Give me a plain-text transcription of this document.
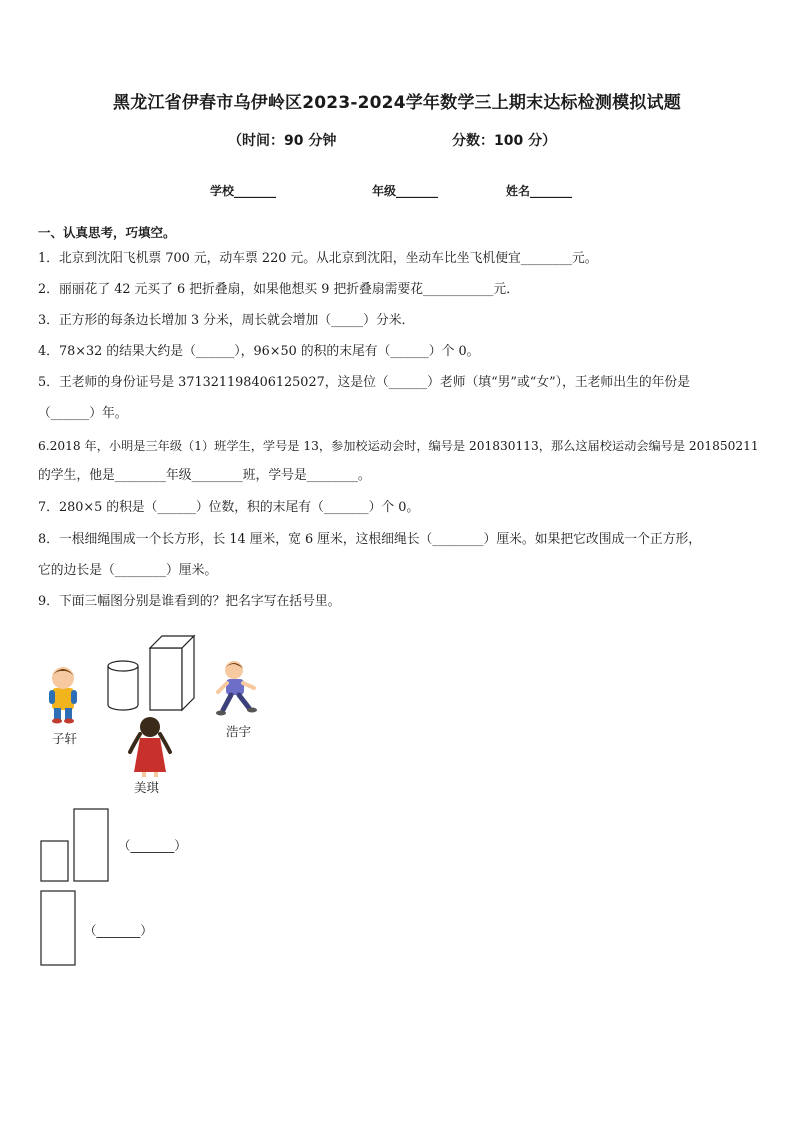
黑龙江省伊春市乌伊岭区2023-2024学年数学三上期末达标检测模拟试题
（时间：90 分钟	分数：100 分）
学校_______	年级_______	姓名_______
一、认真思考，巧填空。
1．北京到沈阳飞机票 700 元，动车票 220 元。从北京到沈阳，坐动车比坐飞机便宜________元。
2．丽丽花了 42 元买了 6 把折叠扇，如果他想买 9 把折叠扇需要花___________元．
3．正方形的每条边长增加 3 分米，周长就会增加（_____）分米．
4．78×32 的结果大约是（______），96×50 的积的末尾有（______）个 0。
5．王老师的身份证号是 371321198406125027，这是位（______）老师（填“男”或“女”），王老师出生的年份是
（______）年。
6.2018 年，小明是三年级（1）班学生，学号是 13，参加校运动会时，编号是 201830113，那么这届校运动会编号是 201850211
的学生，他是________年级________班，学号是________。
7．280×5 的积是（______）位数，积的末尾有（_______）个 0。
8．一根细绳围成一个长方形，长 14 厘米，宽 6 厘米，这根细绳长（________）厘米。如果把它改围成一个正方形，
它的边长是（________）厘米。
9．下面三幅图分别是谁看到的？把名字写在括号里。
子轩	浩宇
美琪
（_______）
（_______）
